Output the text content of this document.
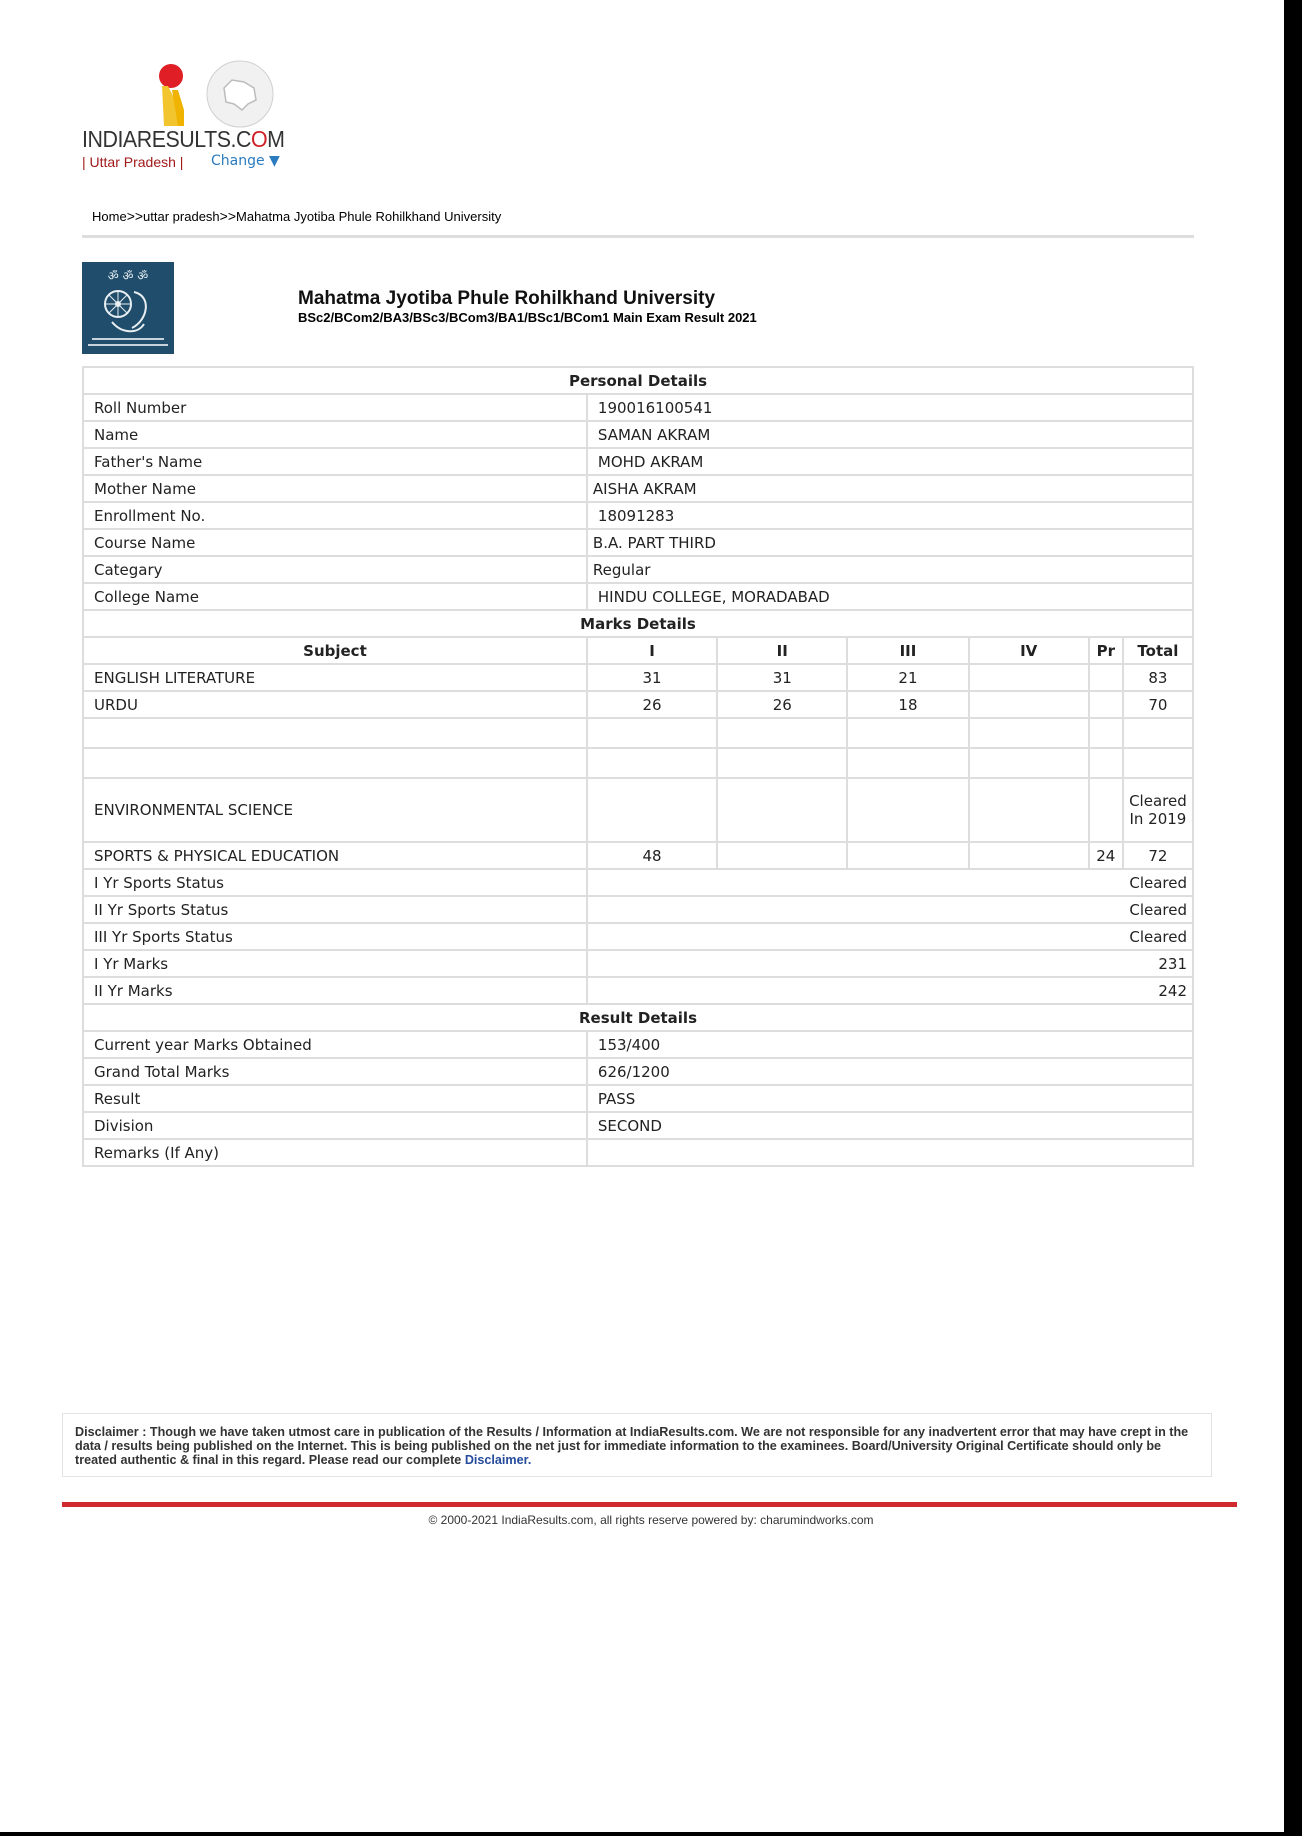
INDIARESULTS.COM
| Uttar Pradesh | Change ▼
Home>>uttar pradesh>>Mahatma Jyotiba Phule Rohilkhand University
ॐ ॐ ॐ
Mahatma Jyotiba Phule Rohilkhand University
BSc2/BCom2/BA3/BSc3/BCom3/BA1/BSc1/BCom1 Main Exam Result 2021
Personal Details						
Roll Number	190016100541					
Name	SAMAN AKRAM					
Father's Name	MOHD AKRAM					
Mother Name	AISHA AKRAM					
Enrollment No.	18091283					
Course Name	B.A. PART THIRD					
Categary	Regular					
College Name	HINDU COLLEGE, MORADABAD					
Marks Details						
Subject	I	II	III	IV	Pr	Total
ENGLISH LITERATURE	31	31	21			83
URDU	26	26	18			70

ENVIRONMENTAL SCIENCE						Cleared In 2019
SPORTS & PHYSICAL EDUCATION	48				24	72
I Yr Sports Status	Cleared					
II Yr Sports Status	Cleared					
III Yr Sports Status	Cleared					
I Yr Marks	231					
II Yr Marks	242					
Result Details						
Current year Marks Obtained	153/400					
Grand Total Marks	626/1200					
Result	PASS					
Division	SECOND					
Remarks (If Any)						
Disclaimer : Though we have taken utmost care in publication of the Results / Information at IndiaResults.com. We are not responsible for any inadvertent error that may have crept in the data / results being published on the Internet. This is being published on the net just for immediate information to the examinees. Board/University Original Certificate should only be treated authentic & final in this regard. Please read our complete Disclaimer.
© 2000-2021 IndiaResults.com, all rights reserve powered by: charumindworks.com
